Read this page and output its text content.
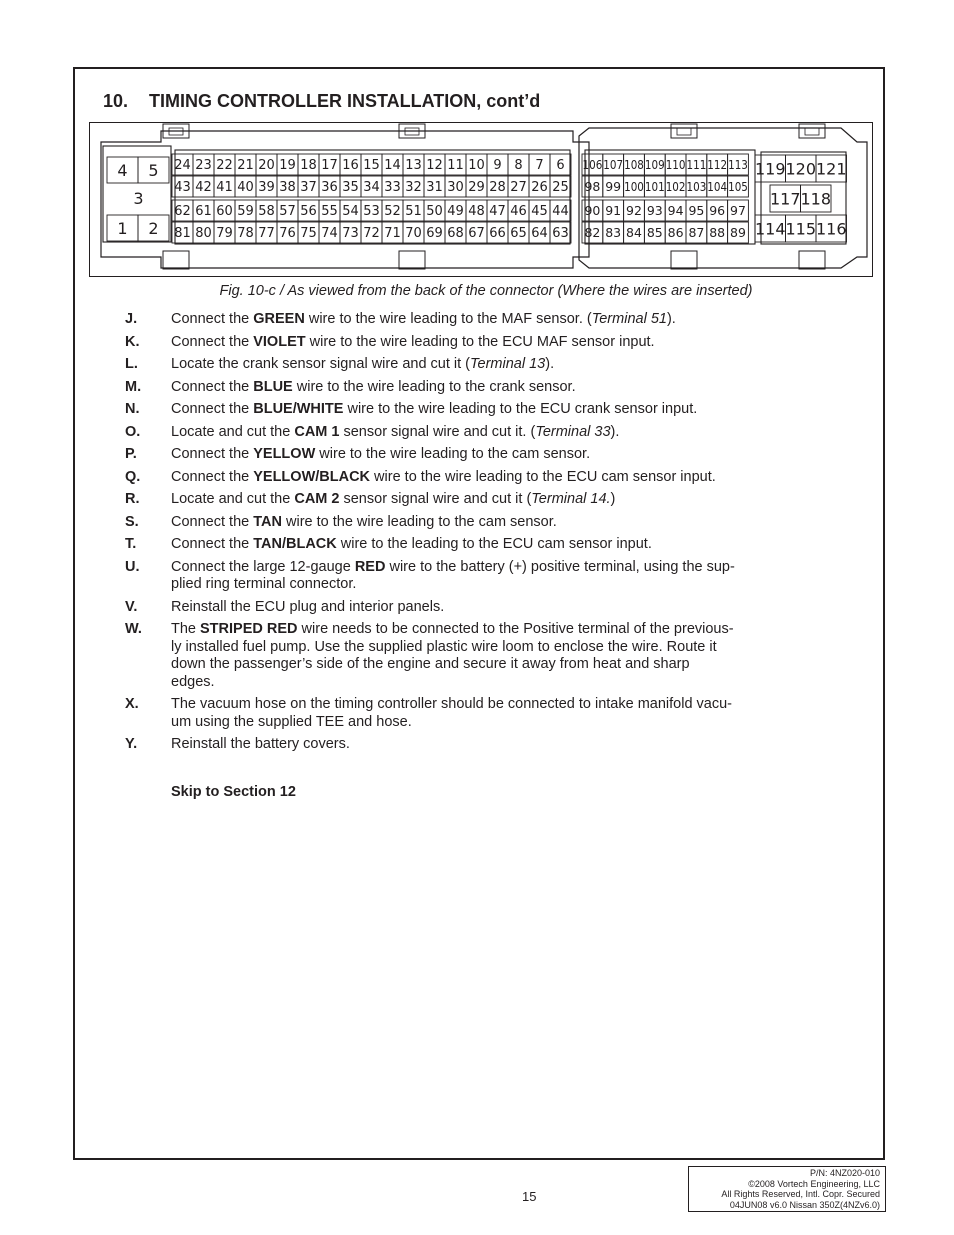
10. TIMING CONTROLLER INSTALLATION, cont’d
4 5
3
1 2
24 23 22 21 20 19 18 17 16 15 14 13 12 11 10 9 8 7 6
43 42 41 40 39 38 37 36 35 34 33 32 31 30 29 28 27 26 25
62 61 60 59 58 57 56 55 54 53 52 51 50 49 48 47 46 45 44
81 80 79 78 77 76 75 74 73 72 71 70 69 68 67 66 65 64 63
106 107 108 109 110 111 112 113
98 99 100 101 102 103 104 105
90 91 92 93 94 95 96 97
82 83 84 85 86 87 88 89
119 120 121
117 118
114 115 116
Fig. 10-c / As viewed from the back of the connector (Where the wires are inserted)
J.	Connect the GREEN wire to the wire leading to the MAF sensor. (Terminal 51).
K.	Connect the VIOLET wire to the wire leading to the ECU MAF sensor input.
L.	Locate the crank sensor signal wire and cut it (Terminal 13).
M.	Connect the BLUE wire to the wire leading to the crank sensor.
N.	Connect the BLUE/WHITE wire to the wire leading to the ECU crank sensor input.
O.	Locate and cut the CAM 1 sensor signal wire and cut it. (Terminal 33).
P.	Connect the YELLOW wire to the wire leading to the cam sensor.
Q.	Connect the YELLOW/BLACK wire to the wire leading to the ECU cam sensor input.
R.	Locate and cut the CAM 2 sensor signal wire and cut it (Terminal 14.)
S.	Connect the TAN wire to the wire leading to the cam sensor.
T.	Connect the TAN/BLACK wire to the leading to the ECU cam sensor input.
U.	Connect the large 12-gauge RED wire to the battery (+) positive terminal, using the sup-
plied ring terminal connector.
V.	Reinstall the ECU plug and interior panels.
W.	The STRIPED RED wire needs to be connected to the Positive terminal of the previous-
ly installed fuel pump. Use the supplied plastic wire loom to enclose the wire. Route it
down the passenger’s side of the engine and secure it away from heat and sharp
edges.
X.	The vacuum hose on the timing controller should be connected to intake manifold vacu-
um using the supplied TEE and hose.
Y.	Reinstall the battery covers.
Skip to Section 12
15
P/N: 4NZ020-010
©2008 Vortech Engineering, LLC
All Rights Reserved, Intl. Copr. Secured
04JUN08 v6.0 Nissan 350Z(4NZv6.0)
